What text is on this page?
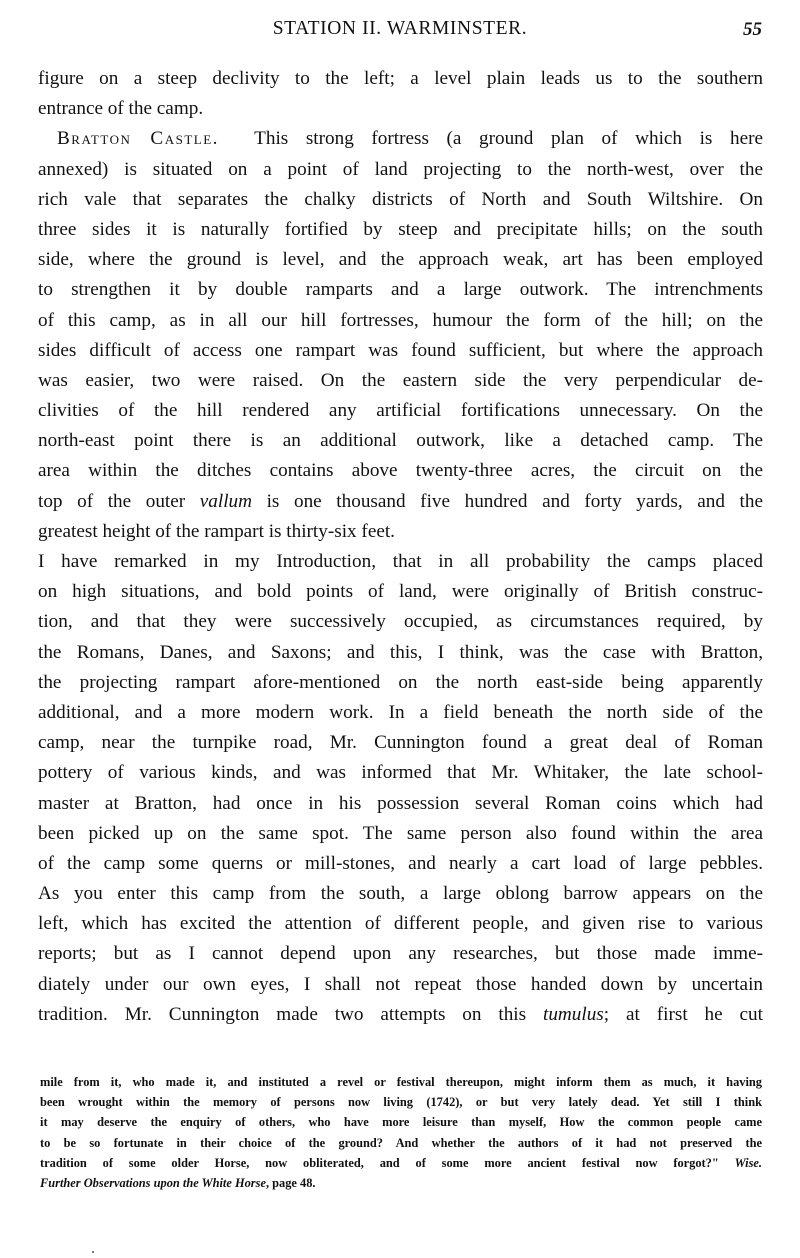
STATION II. WARMINSTER.	55
figure on a steep declivity to the left; a level plain leads us to the southern
entrance of the camp.
Bratton Castle. This strong fortress (a ground plan of which is here
annexed) is situated on a point of land projecting to the north-west, over the
rich vale that separates the chalky districts of North and South Wiltshire. On
three sides it is naturally fortified by steep and precipitate hills; on the south
side, where the ground is level, and the approach weak, art has been employed
to strengthen it by double ramparts and a large outwork. The intrenchments
of this camp, as in all our hill fortresses, humour the form of the hill; on the
sides difficult of access one rampart was found sufficient, but where the approach
was easier, two were raised. On the eastern side the very perpendicular de-
clivities of the hill rendered any artificial fortifications unnecessary. On the
north-east point there is an additional outwork, like a detached camp. The
area within the ditches contains above twenty-three acres, the circuit on the
top of the outer vallum is one thousand five hundred and forty yards, and the
greatest height of the rampart is thirty-six feet.
I have remarked in my Introduction, that in all probability the camps placed
on high situations, and bold points of land, were originally of British construc-
tion, and that they were successively occupied, as circumstances required, by
the Romans, Danes, and Saxons; and this, I think, was the case with Bratton,
the projecting rampart afore-mentioned on the north east-side being apparently
additional, and a more modern work. In a field beneath the north side of the
camp, near the turnpike road, Mr. Cunnington found a great deal of Roman
pottery of various kinds, and was informed that Mr. Whitaker, the late school-
master at Bratton, had once in his possession several Roman coins which had
been picked up on the same spot. The same person also found within the area
of the camp some querns or mill-stones, and nearly a cart load of large pebbles.
As you enter this camp from the south, a large oblong barrow appears on the
left, which has excited the attention of different people, and given rise to various
reports; but as I cannot depend upon any researches, but those made imme-
diately under our own eyes, I shall not repeat those handed down by uncertain
tradition. Mr. Cunnington made two attempts on this tumulus; at first he cut
mile from it, who made it, and instituted a revel or festival thereupon, might inform them as much, it having
been wrought within the memory of persons now living (1742), or but very lately dead. Yet still I think
it may deserve the enquiry of others, who have more leisure than myself, How the common people came
to be so fortunate in their choice of the ground? And whether the authors of it had not preserved the
tradition of some older Horse, now obliterated, and of some more ancient festival now forgot?" Wise.
Further Observations upon the White Horse, page 48.
